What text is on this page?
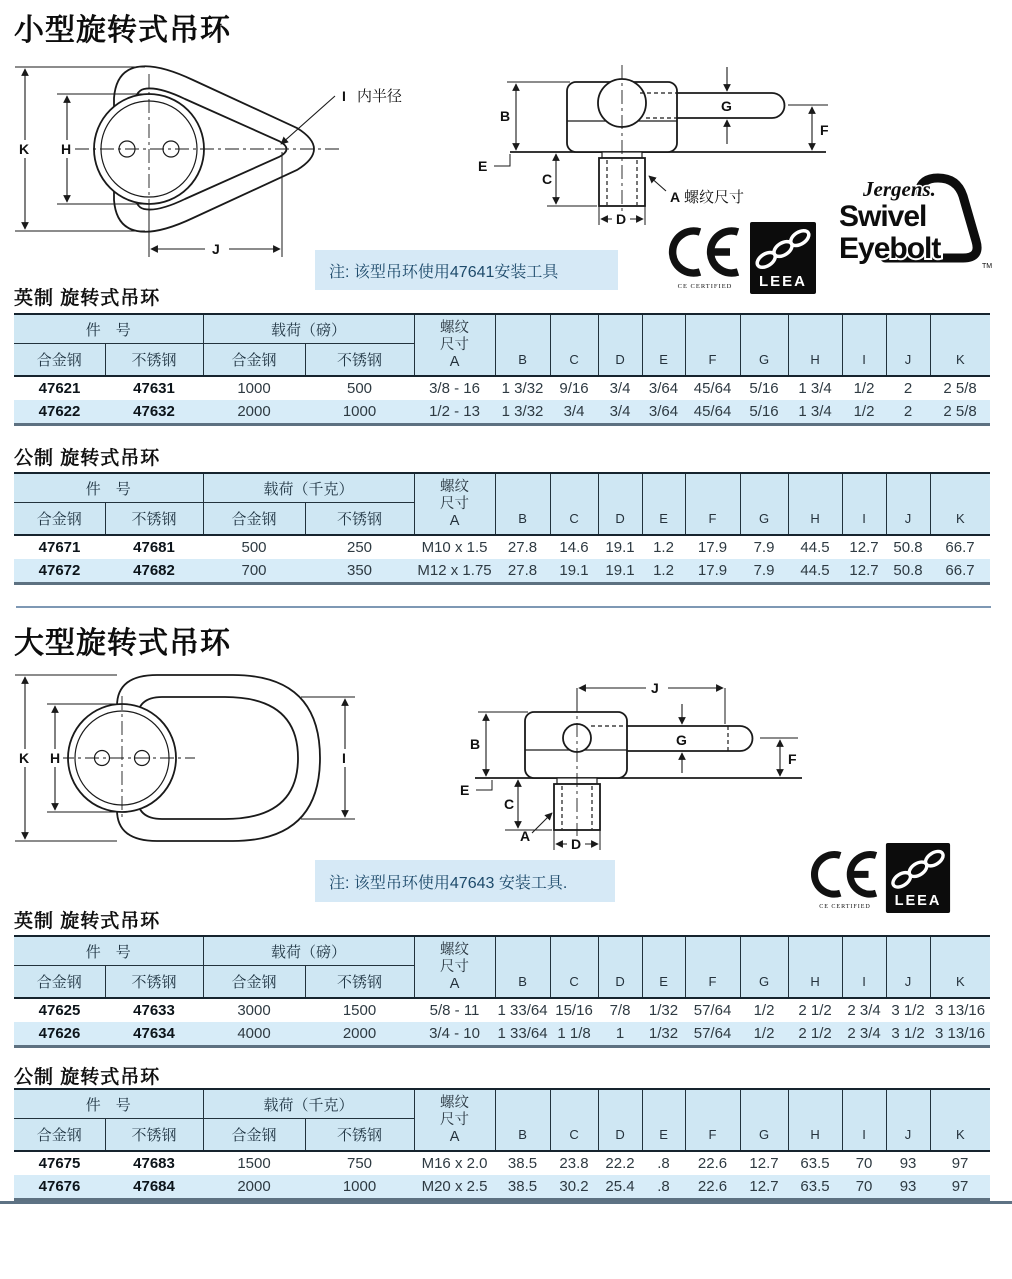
小型旋转式吊环
K H
J
I 内半径
B
E
C
D
G
F
A 螺纹尺寸	Jergens.
Swivel
Eyebolt
TM
CE CERTIFIED LEEA
注: 该型吊环使用47641安装工具
英制 旋转式吊环
件　号		载荷（磅）		螺纹
尺寸
A	B	C	D	E	F	G	H	I	J	K
合金钢	不锈钢	合金钢	不锈钢											
47621	47631	1000	500	3/8 - 16	1 3/32	9/16	3/4	3/64	45/64	5/16	1 3/4	1/2	2	2 5/8
47622	47632	2000	1000	1/2 - 13	1 3/32	3/4	3/4	3/64	45/64	5/16	1 3/4	1/2	2	2 5/8
公制 旋转式吊环
件　号		载荷（千克）		螺纹
尺寸
A	B	C	D	E	F	G	H	I	J	K
合金钢	不锈钢	合金钢	不锈钢											
47671	47681	500	250	M10 x 1.5	27.8	14.6	19.1	1.2	17.9	7.9	44.5	12.7	50.8	66.7
47672	47682	700	350	M12 x 1.75	27.8	19.1	19.1	1.2	17.9	7.9	44.5	12.7	50.8	66.7
大型旋转式吊环
K H	I
J
B
E
C
A	D
G
F
注: 该型吊环使用47643 安装工具.
CE CERTIFIED LEEA
英制 旋转式吊环
件　号		载荷（磅）		螺纹
尺寸
A	B	C	D	E	F	G	H	I	J	K
合金钢	不锈钢	合金钢	不锈钢											
47625	47633	3000	1500	5/8 - 11	1 33/64	15/16	7/8	1/32	57/64	1/2	2 1/2	2 3/4	3 1/2	3 13/16
47626	47634	4000	2000	3/4 - 10	1 33/64	1 1/8	1	1/32	57/64	1/2	2 1/2	2 3/4	3 1/2	3 13/16
公制 旋转式吊环
件　号		载荷（千克）		螺纹
尺寸
A	B	C	D	E	F	G	H	I	J	K
合金钢	不锈钢	合金钢	不锈钢											
47675	47683	1500	750	M16 x 2.0	38.5	23.8	22.2	.8	22.6	12.7	63.5	70	93	97
47676	47684	2000	1000	M20 x 2.5	38.5	30.2	25.4	.8	22.6	12.7	63.5	70	93	97
